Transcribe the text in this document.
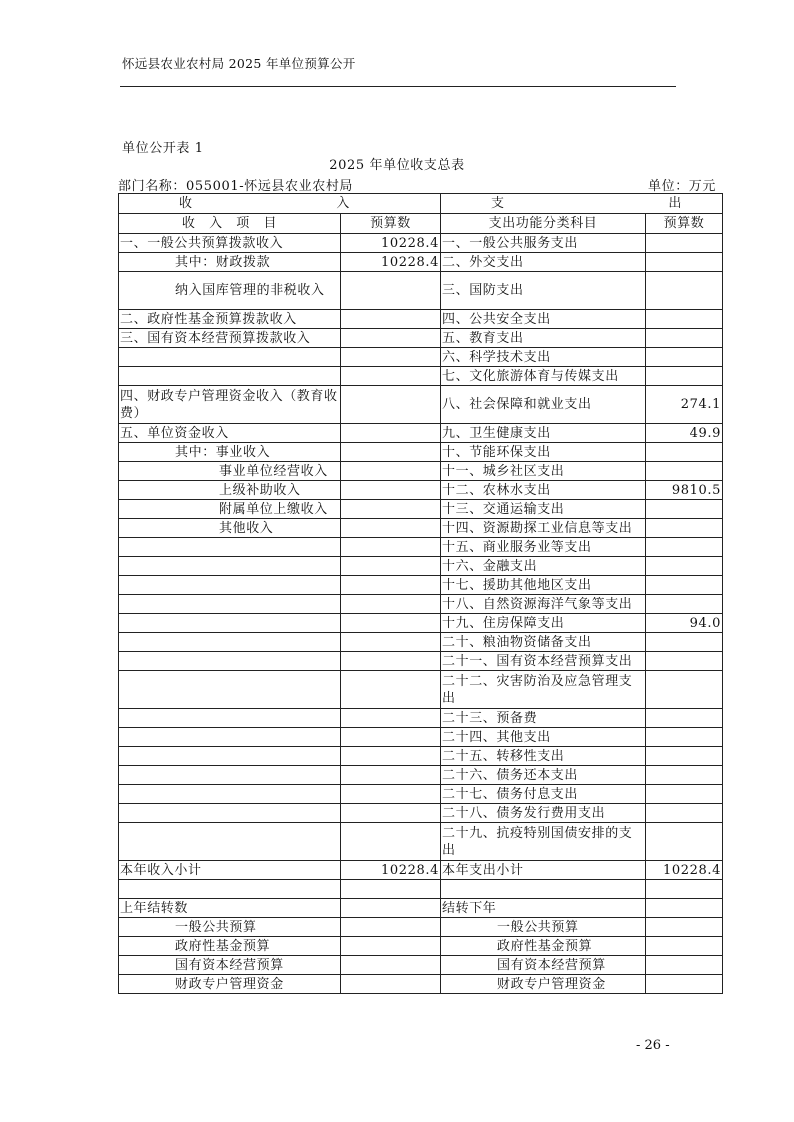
怀远县农业农村局 2025 年单位预算公开
单位公开表 1
2025 年单位收支总表
部门名称：055001-怀远县农业农村局	单位：万元
收 入		支 出	

收　入　项　目	预算数	支出功能分类科目	预算数
一、一般公共预算拨款收入	10228.4	一、一般公共服务支出	
其中：财政拨款	10228.4	二、外交支出	
纳入国库管理的非税收入		三、国防支出	
二、政府性基金预算拨款收入		四、公共安全支出	
三、国有资本经营预算拨款收入		五、教育支出	
		六、科学技术支出	
		七、文化旅游体育与传媒支出	
四、财政专户管理资金收入（教育收费）		八、社会保障和就业支出	274.1
五、单位资金收入		九、卫生健康支出	49.9
其中：事业收入		十、节能环保支出	
事业单位经营收入		十一、城乡社区支出	
上级补助收入		十二、农林水支出	9810.5
附属单位上缴收入		十三、交通运输支出	
其他收入		十四、资源勘探工业信息等支出	
		十五、商业服务业等支出	
		十六、金融支出	
		十七、援助其他地区支出	
		十八、自然资源海洋气象等支出	
		十九、住房保障支出	94.0
		二十、粮油物资储备支出	
		二十一、国有资本经营预算支出	
		二十二、灾害防治及应急管理支出	
		二十三、预备费	
		二十四、其他支出	
		二十五、转移性支出	
		二十六、债务还本支出	
		二十七、债务付息支出	
		二十八、债务发行费用支出	
		二十九、抗疫特别国债安排的支出	
本年收入小计	10228.4	本年支出小计	10228.4

上年结转数		结转下年	
一般公共预算		一般公共预算	
政府性基金预算		政府性基金预算	
国有资本经营预算		国有资本经营预算	
财政专户管理资金		财政专户管理资金	
- 26 -
